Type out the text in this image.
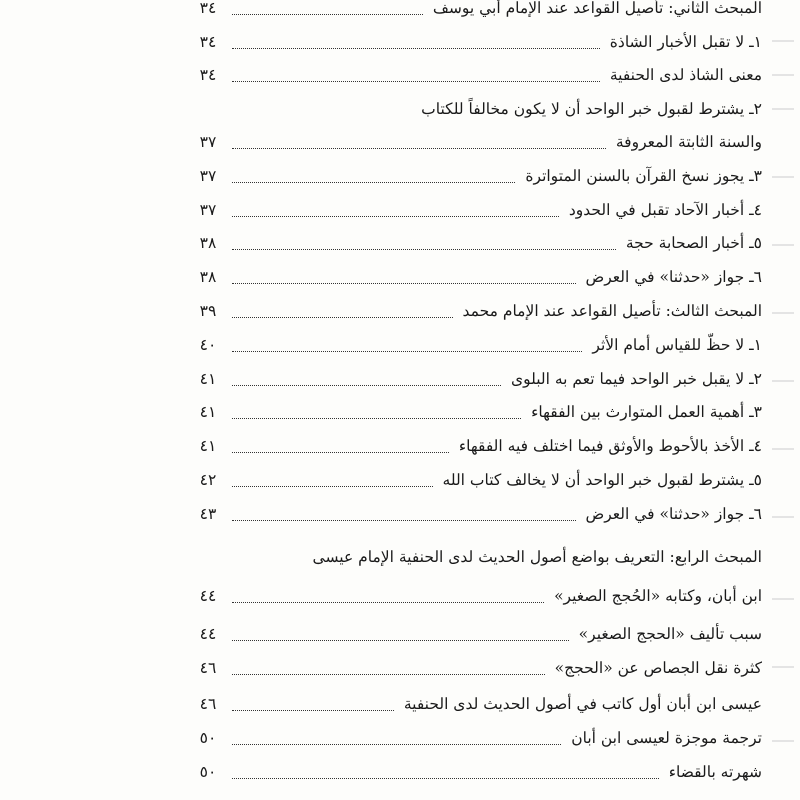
المبحث الثاني: تأصيل القواعد عند الإمام أبي يوسف
٣٤
١ـ لا تقبل الأخبار الشاذة
٣٤
معنى الشاذ لدى الحنفية
٣٤
٢ـ يشترط لقبول خبر الواحد أن لا يكون مخالفاً للكتاب
والسنة الثابتة المعروفة
٣٧
٣ـ يجوز نسخ القرآن بالسنن المتواترة
٣٧
٤ـ أخبار الآحاد تقبل في الحدود
٣٧
٥ـ أخبار الصحابة حجة
٣٨
٦ـ جواز «حدثنا» في العرض
٣٨
المبحث الثالث: تأصيل القواعد عند الإمام محمد
٣٩
١ـ لا حظّ للقياس أمام الأثر
٤٠
٢ـ لا يقبل خبر الواحد فيما تعم به البلوى
٤١
٣ـ أهمية العمل المتوارث بين الفقهاء
٤١
٤ـ الأخذ بالأحوط والأوثق فيما اختلف فيه الفقهاء
٤١
٥ـ يشترط لقبول خبر الواحد أن لا يخالف كتاب الله
٤٢
٦ـ جواز «حدثنا» في العرض
٤٣
المبحث الرابع: التعريف بواضع أصول الحديث لدى الحنفية الإمام عيسى
ابن أبان، وكتابه «الحُجج الصغير»
٤٤
سبب تأليف «الحجج الصغير»
٤٤
كثرة نقل الجصاص عن «الحجج»
٤٦
عيسى ابن أبان أول كاتب في أصول الحديث لدى الحنفية
٤٦
ترجمة موجزة لعيسى ابن أبان
٥٠
شهرته بالقضاء
٥٠
